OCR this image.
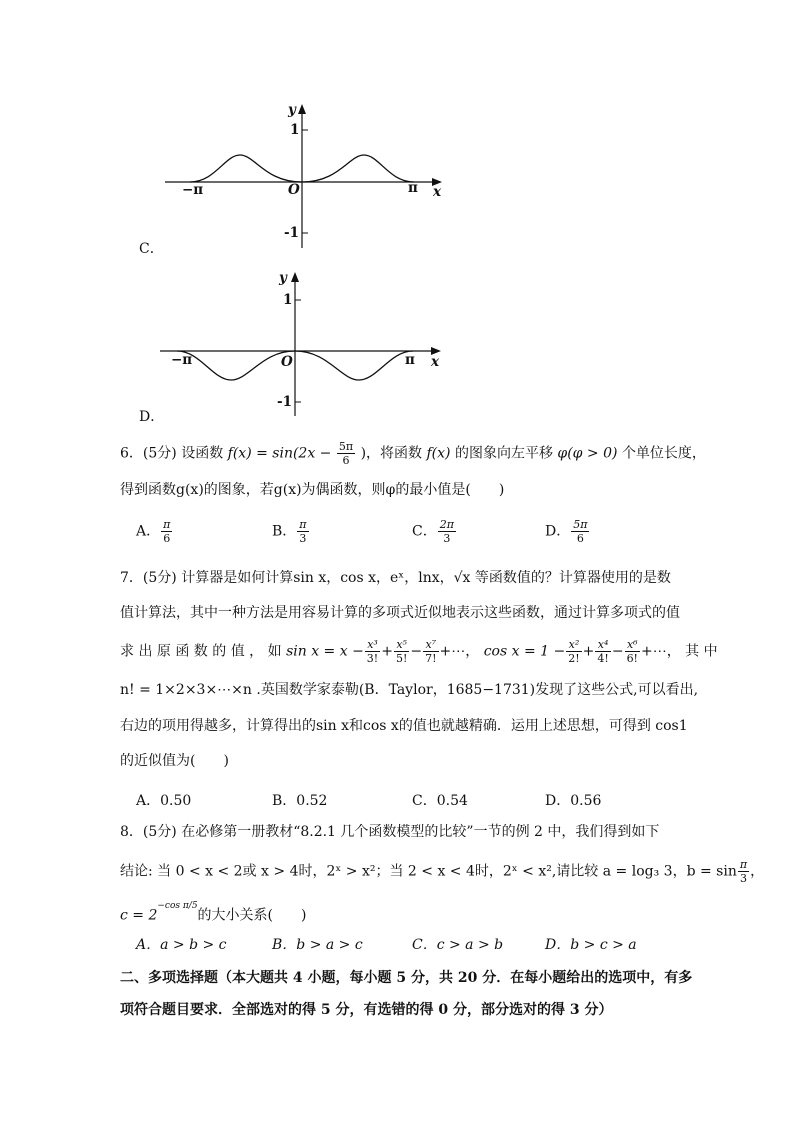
y
1
-1
−π	π
O	x
C．
y
1
-1
−π	π
O	x
D．
6．(5分) 设函数 $f(x) = \sin(2x - \frac{5\pi}{6}$ )，将函数 f(x) 的图象向左平移 φ(φ > 0) 个单位长度，
得到函数g(x)的图象，若g(x)为偶函数，则φ的最小值是(　　)
A． $\frac{\pi}{6}$	B． $\frac{\pi}{3}$	C． $\frac{2\pi}{3}$	D． $\frac{5\pi}{6}$
7．(5分) 计算器是如何计算sin x，cos x，eˣ，lnx，√x 等函数值的？计算器使用的是数
值计算法，其中一种方法是用容易计算的多项式近似地表示这些函数，通过计算多项式的值
求 出 原 函 数 的 值 ， 如 $\sin x = x - \frac{\text{x³}}{3!} + \frac{\text{x⁵}}{5!} - \frac{\text{x⁷}}{7!}$ +⋯， $\cos x = 1 - \frac{\text{x²}}{2!} + \frac{\text{x⁴}}{4!} - \frac{\text{x⁶}}{6!}$ +⋯， 其 中
n! = 1×2×3×⋯×n .英国数学家泰勒(B．Taylor，1685−1731)发现了这些公式,可以看出,
右边的项用得越多，计算得出的sin x和cos x的值也就越精确．运用上述思想，可得到 cos1
的近似值为(　　)
A．0.50	B．0.52	C．0.54	D．0.56
8．(5分) 在必修第一册教材“8.2.1 几个函数模型的比较”一节的例 2 中，我们得到如下
结论: 当 0 < x < 2或 x > 4时，2ˣ > x²；当 2 < x < 4时，2ˣ < x²,请比较 a = log₃ 3，$b = \sin \frac{\pi}{3}$ ，
$c = 2^{-cos \pi/5}$的大小关系(　　)
A．a > b > c	B．b > a > c	C．c > a > b	D．b > c > a
二、多项选择题（本大题共 4 小题，每小题 5 分，共 20 分．在每小题给出的选项中，有多
项符合题目要求．全部选对的得 5 分，有选错的得 0 分，部分选对的得 3 分）
